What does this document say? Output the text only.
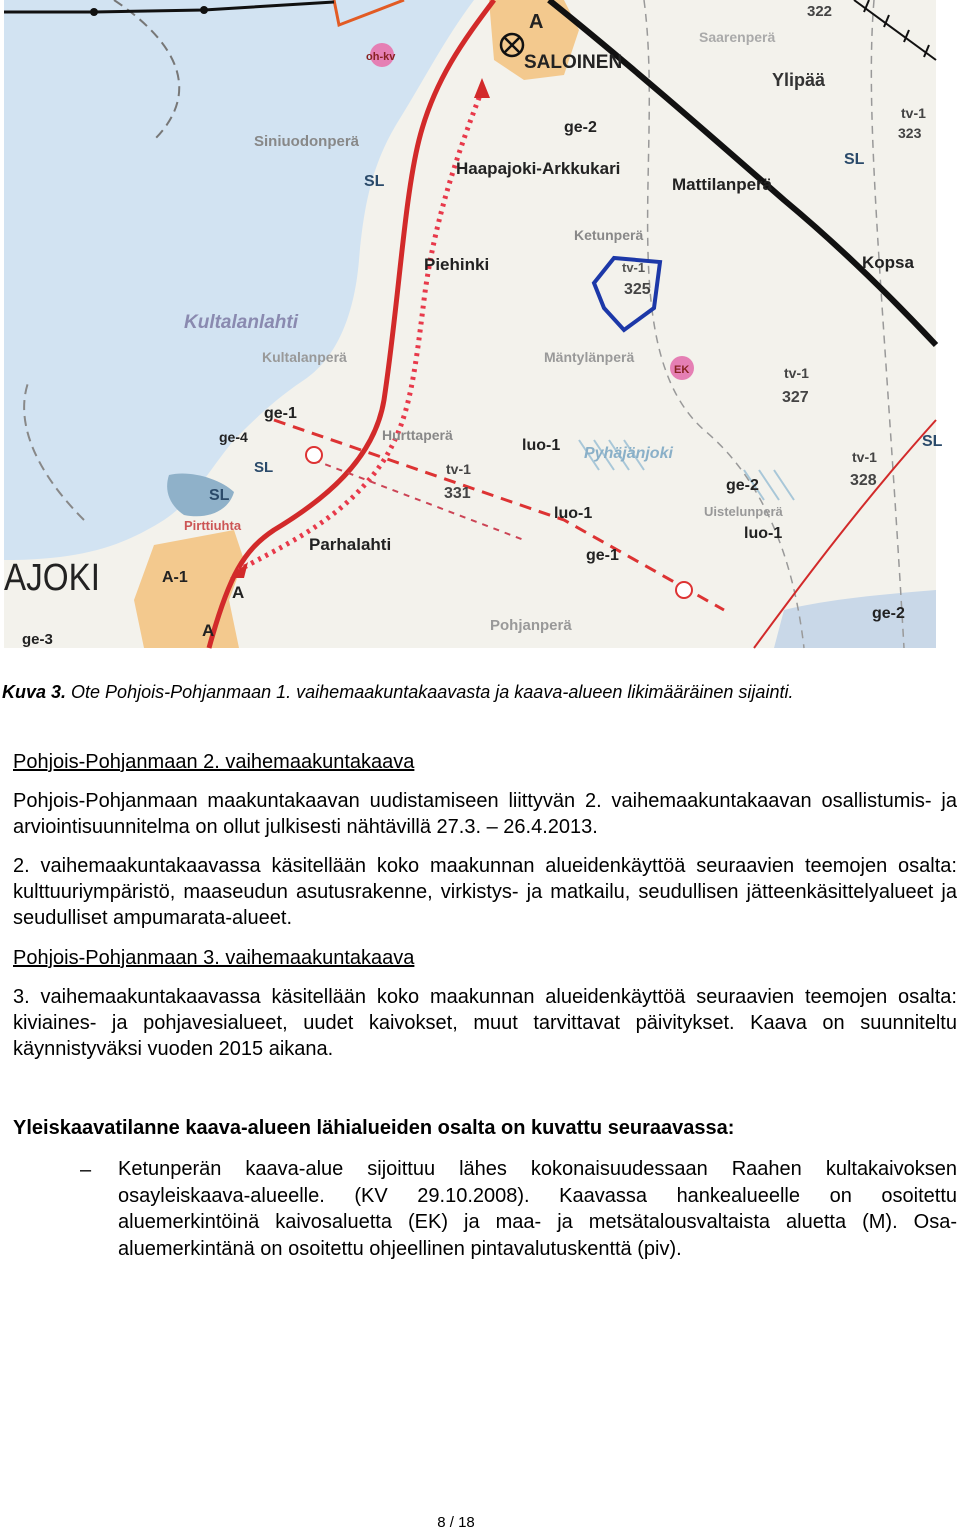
A
SALOINEN
Saarenperä
322
Ylipää
tv-1
323
SL
ge-2
Haapajoki-Arkkukari
Mattilanperä
Siniuodonperä
SL
Ketunperä
Piehinki	tv-1
325
Kopsa
Kultalanlahti
Kultalanperä	Mäntylänperä
EK	tv-1
327
ge-1
ge-4	Hurttaperä
luo-1 Pyhäjänjoki	tv-1
328
SL	tv-1
331	ge-2
SL
Uistelunperä
luo-1
Pirttiuhta	luo-1
Parhalahti
ge-1
AJOKI	A-1
A
A
SL
ge-2
Pohjanperä
ge-3
oh-kv
Kuva 3. Ote Pohjois-Pohjanmaan 1. vaihemaakuntakaavasta ja kaava-alueen likimääräinen sijainti.
Pohjois-Pohjanmaan 2. vaihemaakuntakaava
Pohjois-Pohjanmaan maakuntakaavan uudistamiseen liittyvän 2. vaihemaakuntakaavan osallistumis- ja arviointisuunnitelma on ollut julkisesti nähtävillä 27.3. – 26.4.2013.
2. vaihemaakuntakaavassa käsitellään koko maakunnan alueidenkäyttöä seuraavien teemojen osalta: kulttuuriympäristö, maaseudun asutusrakenne, virkistys- ja matkailu, seudullisen jätteenkäsittelyalueet ja seudulliset ampumarata-alueet.
Pohjois-Pohjanmaan 3. vaihemaakuntakaava
3. vaihemaakuntakaavassa käsitellään koko maakunnan alueidenkäyttöä seuraavien teemojen osalta: kiviaines- ja pohjavesialueet, uudet kaivokset, muut tarvittavat päivitykset. Kaava on suunniteltu käynnistyväksi vuoden 2015 aikana.
Yleiskaavatilanne kaava-alueen lähialueiden osalta on kuvattu seuraavassa:
– Ketunperän kaava-alue sijoittuu lähes kokonaisuudessaan Raahen kultakaivoksen osayleiskaava-alueelle. (KV 29.10.2008). Kaavassa hankealueelle on osoitettu aluemerkintöinä kaivosaluetta (EK) ja maa- ja metsätalousvaltaista aluetta (M). Osa-aluemerkintänä on osoitettu ohjeellinen pintavalutuskenttä (piv).
8 / 18
